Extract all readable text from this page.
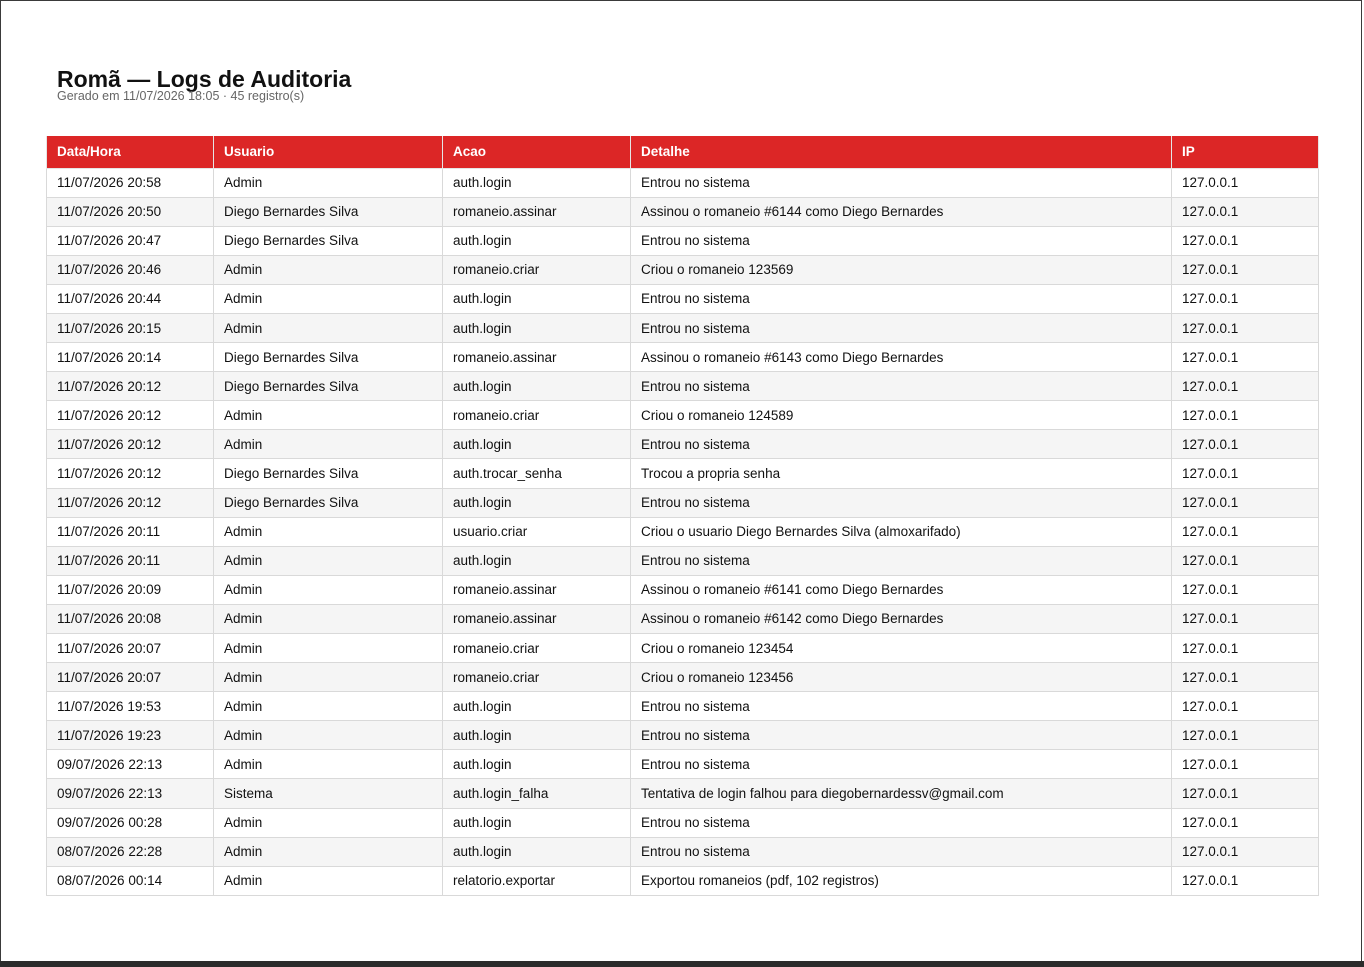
Romã — Logs de Auditoria
Gerado em 11/07/2026 18:05 · 45 registro(s)
Data/Hora	Usuario	Acao	Detalhe	IP
11/07/2026 20:58	Admin	auth.login	Entrou no sistema	127.0.0.1
11/07/2026 20:50	Diego Bernardes Silva	romaneio.assinar	Assinou o romaneio #6144 como Diego Bernardes	127.0.0.1
11/07/2026 20:47	Diego Bernardes Silva	auth.login	Entrou no sistema	127.0.0.1
11/07/2026 20:46	Admin	romaneio.criar	Criou o romaneio 123569	127.0.0.1
11/07/2026 20:44	Admin	auth.login	Entrou no sistema	127.0.0.1
11/07/2026 20:15	Admin	auth.login	Entrou no sistema	127.0.0.1
11/07/2026 20:14	Diego Bernardes Silva	romaneio.assinar	Assinou o romaneio #6143 como Diego Bernardes	127.0.0.1
11/07/2026 20:12	Diego Bernardes Silva	auth.login	Entrou no sistema	127.0.0.1
11/07/2026 20:12	Admin	romaneio.criar	Criou o romaneio 124589	127.0.0.1
11/07/2026 20:12	Admin	auth.login	Entrou no sistema	127.0.0.1
11/07/2026 20:12	Diego Bernardes Silva	auth.trocar_senha	Trocou a propria senha	127.0.0.1
11/07/2026 20:12	Diego Bernardes Silva	auth.login	Entrou no sistema	127.0.0.1
11/07/2026 20:11	Admin	usuario.criar	Criou o usuario Diego Bernardes Silva (almoxarifado)	127.0.0.1
11/07/2026 20:11	Admin	auth.login	Entrou no sistema	127.0.0.1
11/07/2026 20:09	Admin	romaneio.assinar	Assinou o romaneio #6141 como Diego Bernardes	127.0.0.1
11/07/2026 20:08	Admin	romaneio.assinar	Assinou o romaneio #6142 como Diego Bernardes	127.0.0.1
11/07/2026 20:07	Admin	romaneio.criar	Criou o romaneio 123454	127.0.0.1
11/07/2026 20:07	Admin	romaneio.criar	Criou o romaneio 123456	127.0.0.1
11/07/2026 19:53	Admin	auth.login	Entrou no sistema	127.0.0.1
11/07/2026 19:23	Admin	auth.login	Entrou no sistema	127.0.0.1
09/07/2026 22:13	Admin	auth.login	Entrou no sistema	127.0.0.1
09/07/2026 22:13	Sistema	auth.login_falha	Tentativa de login falhou para diegobernardessv@gmail.com	127.0.0.1
09/07/2026 00:28	Admin	auth.login	Entrou no sistema	127.0.0.1
08/07/2026 22:28	Admin	auth.login	Entrou no sistema	127.0.0.1
08/07/2026 00:14	Admin	relatorio.exportar	Exportou romaneios (pdf, 102 registros)	127.0.0.1
